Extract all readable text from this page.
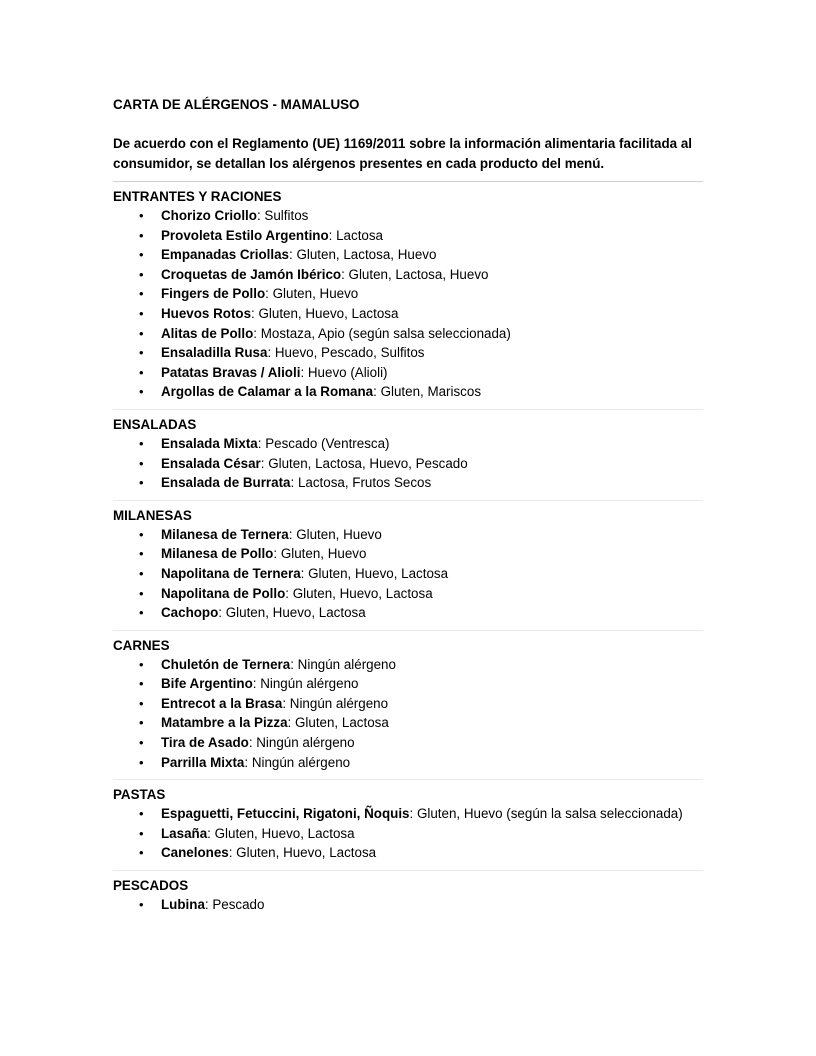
CARTA DE ALÉRGENOS - MAMALUSO

De acuerdo con el Reglamento (UE) 1169/2011 sobre la información alimentaria facilitada al consumidor, se detallan los alérgenos presentes en cada producto del menú.

ENTRANTES Y RACIONES

• Chorizo Criollo: Sulfitos
• Provoleta Estilo Argentino: Lactosa
• Empanadas Criollas: Gluten, Lactosa, Huevo
• Croquetas de Jamón Ibérico: Gluten, Lactosa, Huevo
• Fingers de Pollo: Gluten, Huevo
• Huevos Rotos: Gluten, Huevo, Lactosa
• Alitas de Pollo: Mostaza, Apio (según salsa seleccionada)
• Ensaladilla Rusa: Huevo, Pescado, Sulfitos
• Patatas Bravas / Alioli: Huevo (Alioli)
• Argollas de Calamar a la Romana: Gluten, Mariscos

ENSALADAS

• Ensalada Mixta: Pescado (Ventresca)
• Ensalada César: Gluten, Lactosa, Huevo, Pescado
• Ensalada de Burrata: Lactosa, Frutos Secos

MILANESAS

• Milanesa de Ternera: Gluten, Huevo
• Milanesa de Pollo: Gluten, Huevo
• Napolitana de Ternera: Gluten, Huevo, Lactosa
• Napolitana de Pollo: Gluten, Huevo, Lactosa
• Cachopo: Gluten, Huevo, Lactosa

CARNES

• Chuletón de Ternera: Ningún alérgeno
• Bife Argentino: Ningún alérgeno
• Entrecot a la Brasa: Ningún alérgeno
• Matambre a la Pizza: Gluten, Lactosa
• Tira de Asado: Ningún alérgeno
• Parrilla Mixta: Ningún alérgeno

PASTAS

• Espaguetti, Fetuccini, Rigatoni, Ñoquis: Gluten, Huevo (según la salsa seleccionada)
• Lasaña: Gluten, Huevo, Lactosa
• Canelones: Gluten, Huevo, Lactosa

PESCADOS

• Lubina: Pescado
